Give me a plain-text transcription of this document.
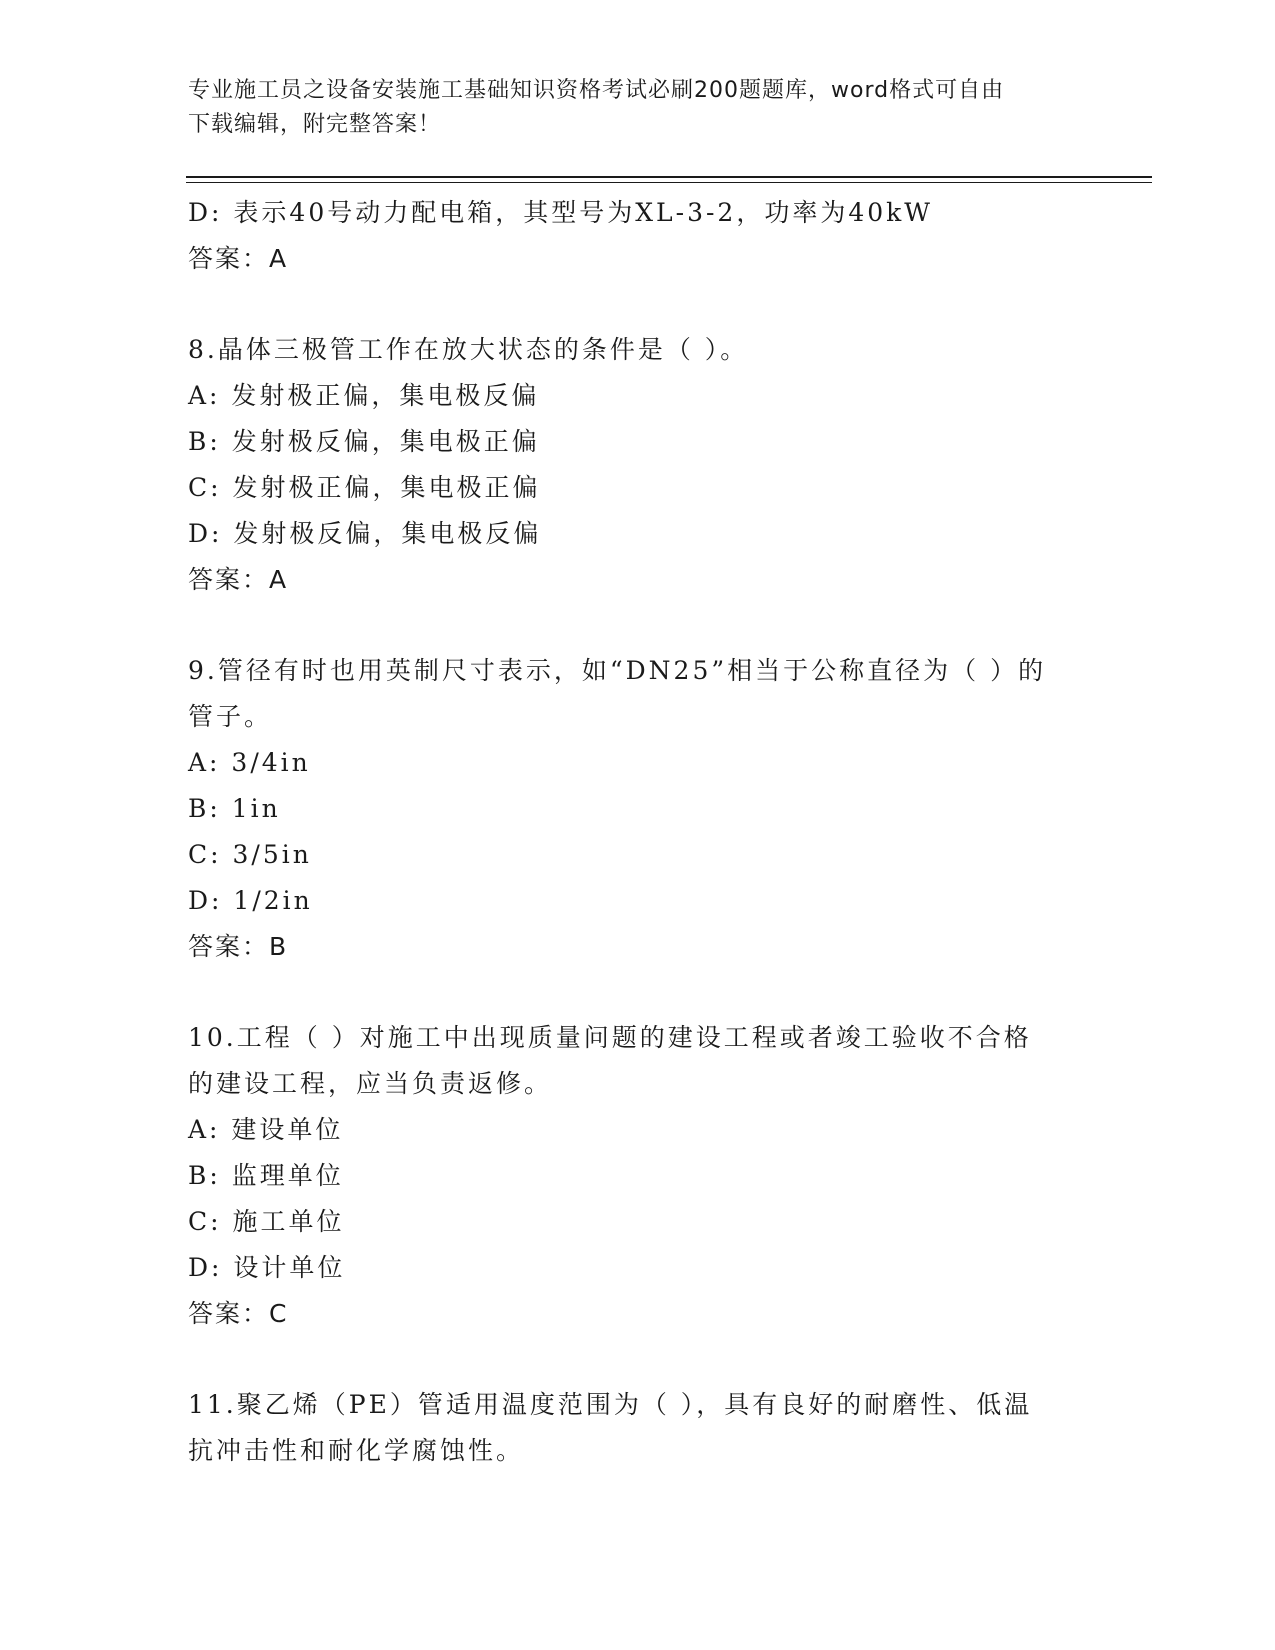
专业施工员之设备安装施工基础知识资格考试必刷200题题库，word格式可自由
下载编辑，附完整答案！
D: 表示40号动力配电箱，其型号为XL-3-2，功率为40kW
答案：A
8.晶体三极管工作在放大状态的条件是（ ）。
A: 发射极正偏，集电极反偏
B: 发射极反偏，集电极正偏
C: 发射极正偏，集电极正偏
D: 发射极反偏，集电极反偏
答案：A
9.管径有时也用英制尺寸表示，如“DN25”相当于公称直径为（ ）的
管子。
A: 3/4in
B: 1in
C: 3/5in
D: 1/2in
答案：B
10.工程（ ）对施工中出现质量问题的建设工程或者竣工验收不合格
的建设工程，应当负责返修。
A: 建设单位
B: 监理单位
C: 施工单位
D: 设计单位
答案：C
11.聚乙烯（PE）管适用温度范围为（ ），具有良好的耐磨性、低温
抗冲击性和耐化学腐蚀性。
